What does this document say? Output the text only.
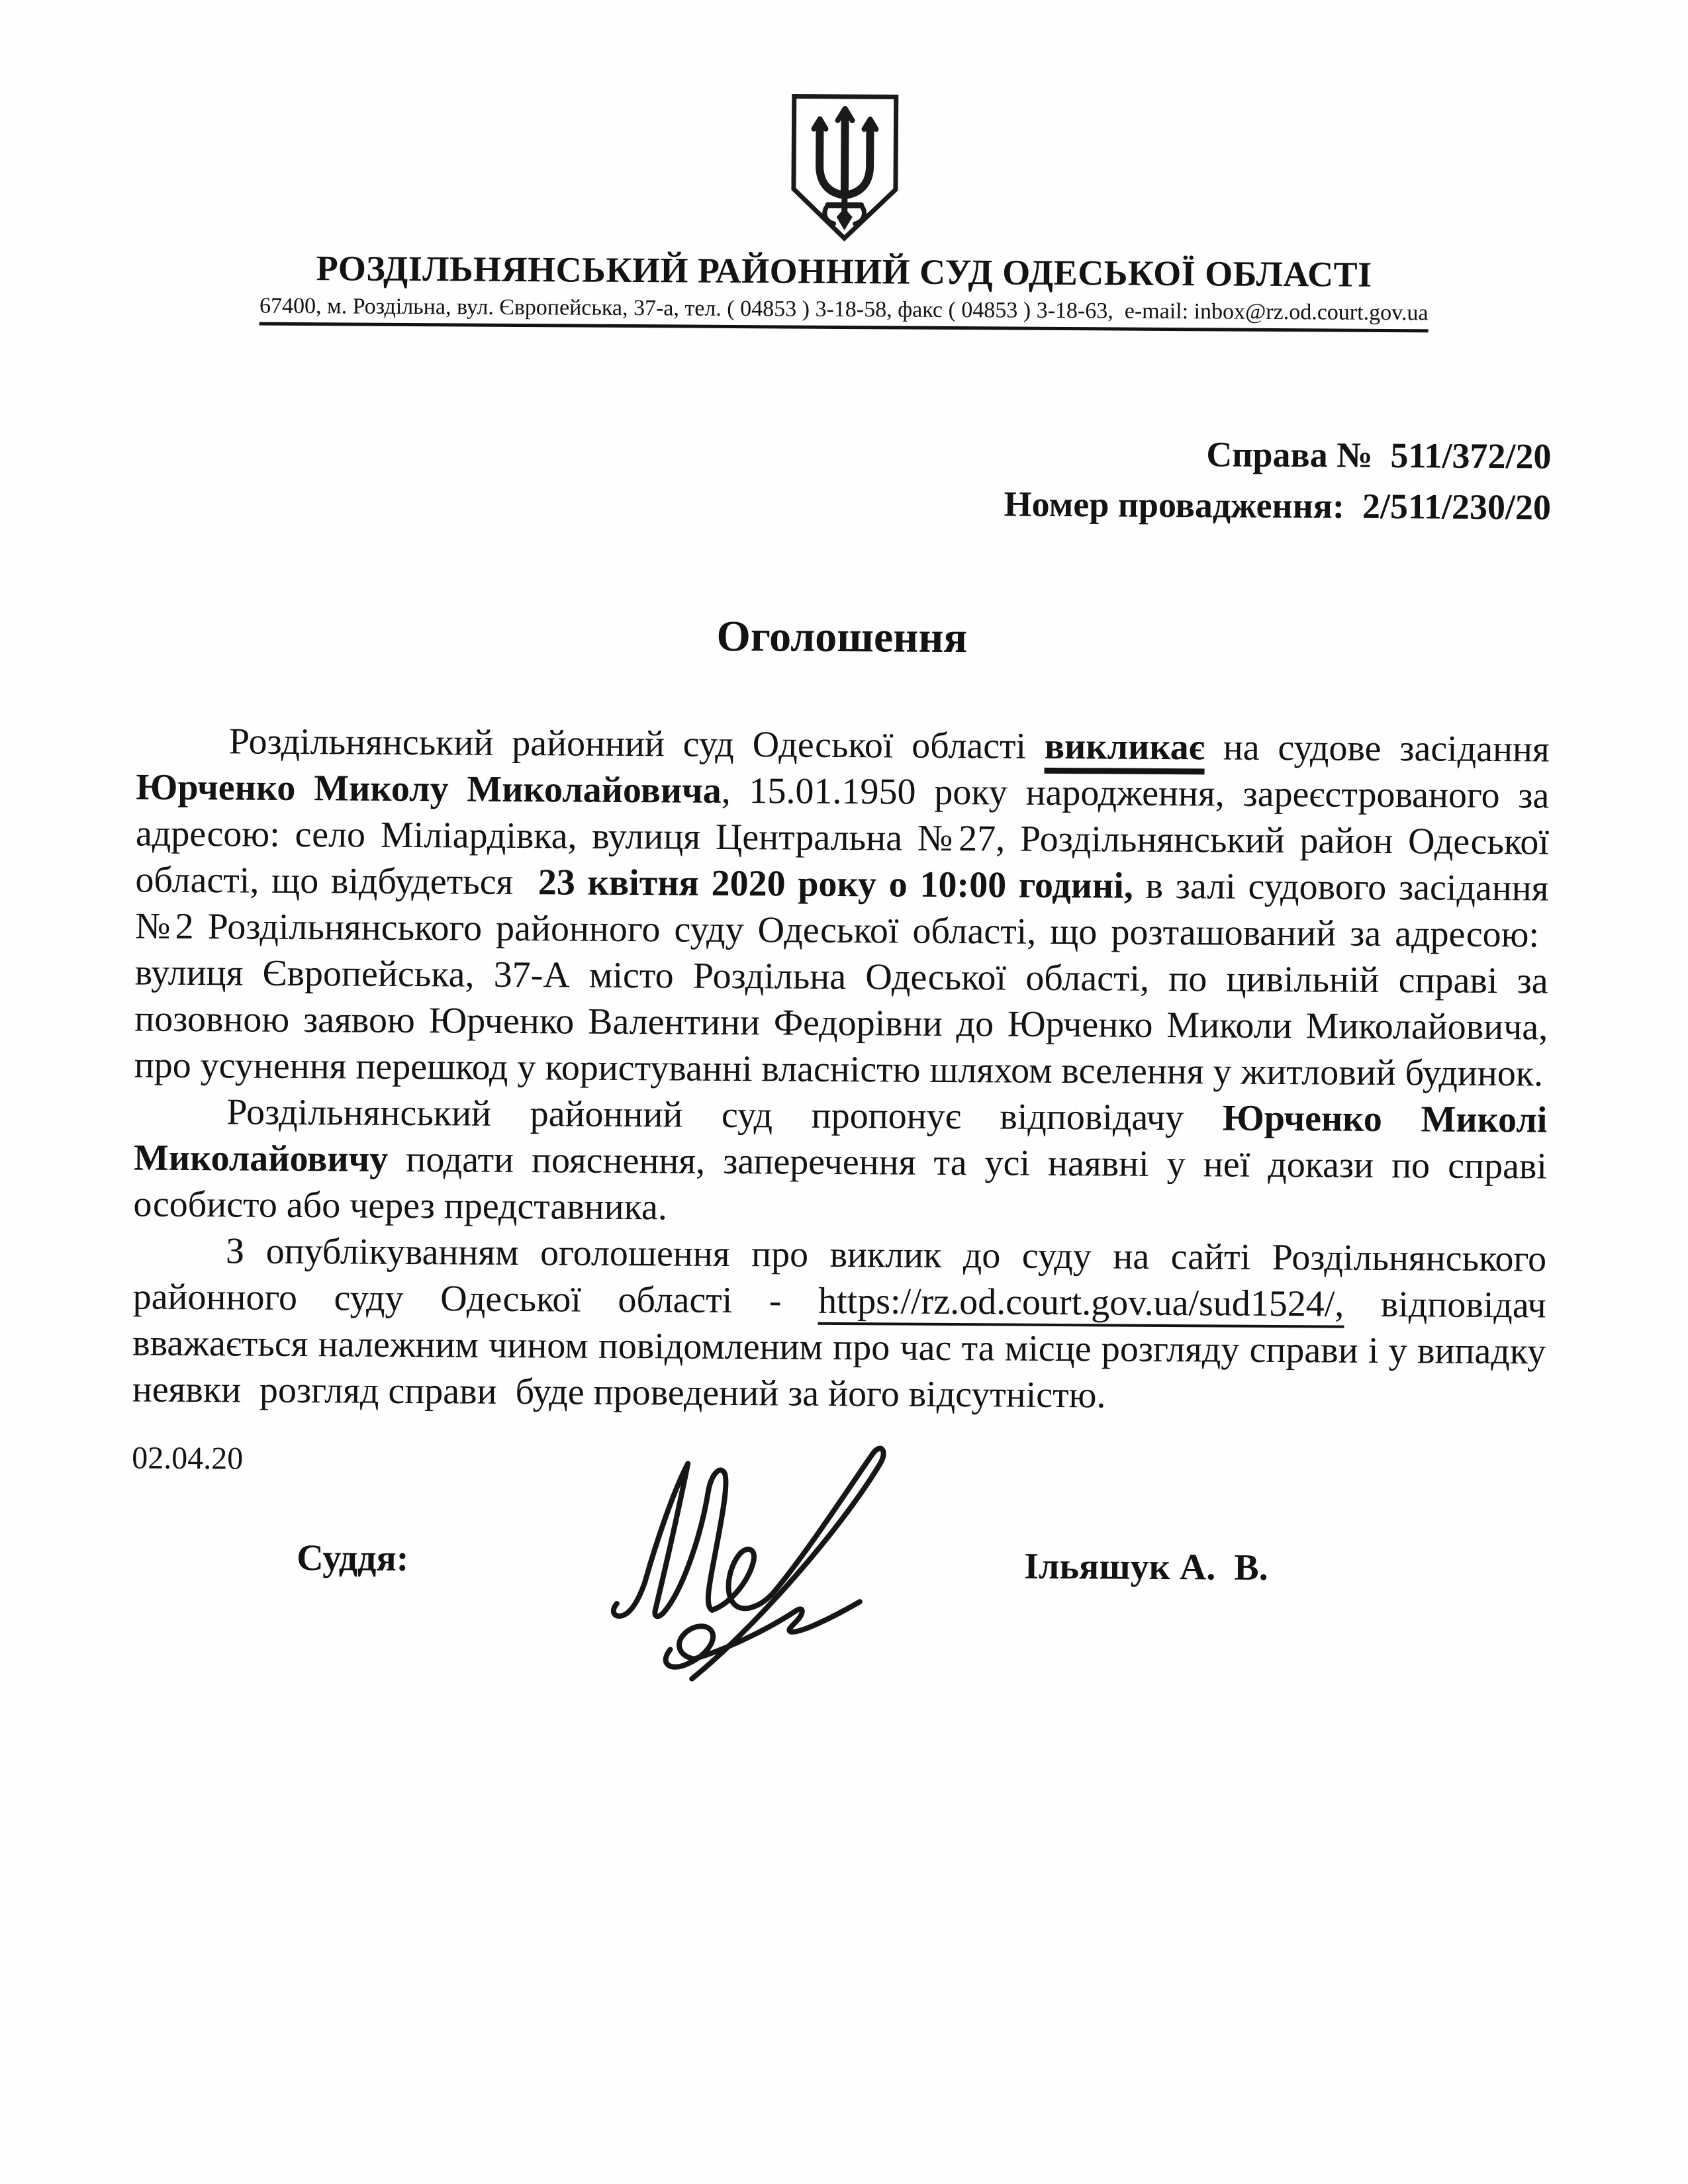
РОЗДІЛЬНЯНСЬКИЙ РАЙОННИЙ СУД ОДЕСЬКОЇ ОБЛАСТІ
67400, м. Роздільна, вул. Європейська, 37-а, тел. ( 04853 ) 3-18-58, факс ( 04853 ) 3-18-63,  e-mail: inbox@rz.od.court.gov.ua
Справа №  511/372/20
Номер провадження:  2/511/230/20
Оголошення

Роздільнянський районний суд Одеської області викликає на судове засідання Юрченко Миколу Миколайовича, 15.01.1950 року народження, зареєстрованого за адресою: село Міліардівка, вулиця Центральна №27, Роздільнянський район Одеської області, що відбудеться  23 квітня 2020 року о 10:00 годині, в залі судового засідання №2 Роздільнянського районного суду Одеської області, що розташований за адресою:  вулиця Європейська, 37-А місто Роздільна Одеської області, по цивільній справі за позовною заявою Юрченко Валентини Федорівни до Юрченко Миколи Миколайовича, про усунення перешкод у користуванні власністю шляхом вселення у житловий будинок.

Роздільнянський районний суд пропонує відповідачу Юрченко Миколі Миколайовичу подати пояснення, заперечення та усі наявні у неї докази по справі особисто або через представника.

З опублікуванням оголошення про виклик до суду на сайті Роздільнянського районного суду Одеської області - https://rz.od.court.gov.ua/sud1524/, відповідач вважається належним чином повідомленим про час та місце розгляду справи і у випадку неявки  розгляд справи  буде проведений за його відсутністю.

02.04.20
Суддя:	Ільяшук А.  В.
